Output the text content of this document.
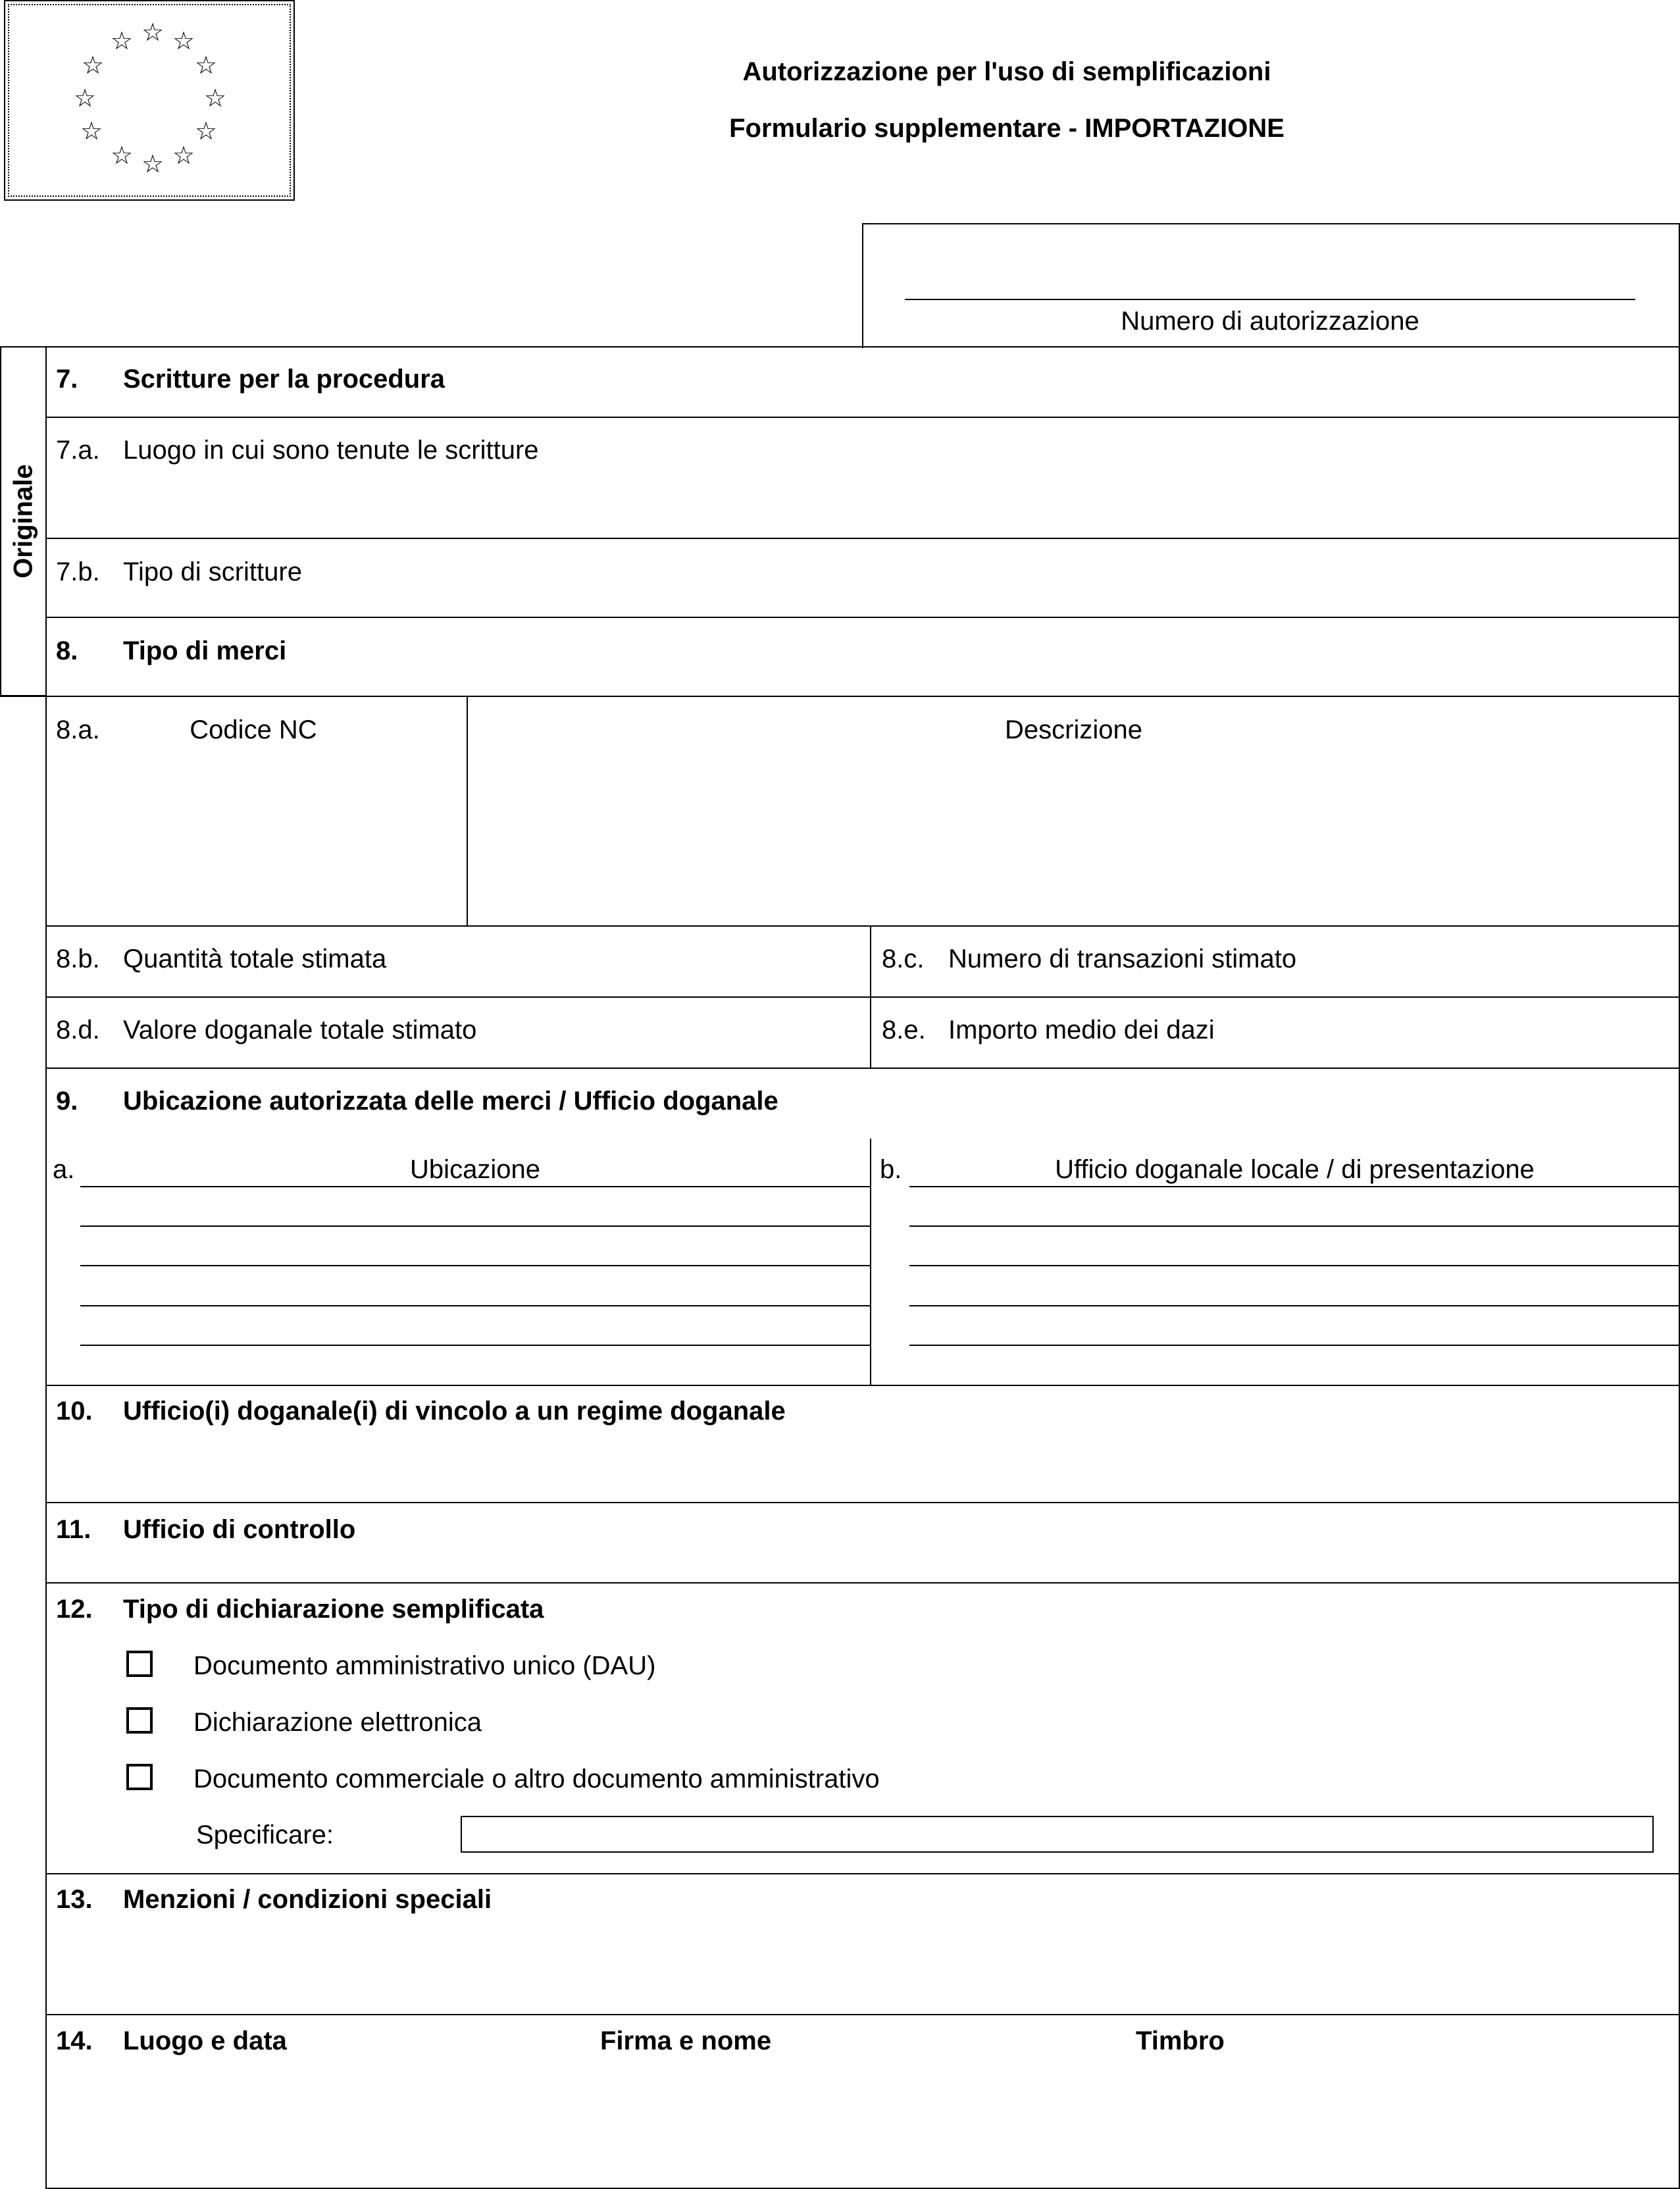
☆ ☆
☆
☆
☆
☆
☆
☆
☆
☆
☆
☆
Autorizzazione per l'uso di semplificazioni
Formulario supplementare - IMPORTAZIONE
Numero di autorizzazione
Originale
7. Scritture per la procedura
7.a. Luogo in cui sono tenute le scritture
7.b. Tipo di scritture
8. Tipo di merci
8.a.	Codice NC	Descrizione
8.b. Quantità totale stimata	8.c. Numero di transazioni stimato
8.d. Valore doganale totale stimato	8.e. Importo medio dei dazi
9. Ubicazione autorizzata delle merci / Ufficio doganale
a.	Ubicazione	b.	Ufficio doganale locale / di presentazione
10. Ufficio(i) doganale(i) di vincolo a un regime doganale
11. Ufficio di controllo
12. Tipo di dichiarazione semplificata
Documento amministrativo unico (DAU)
Dichiarazione elettronica
Documento commerciale o altro documento amministrativo
Specificare:
13. Menzioni / condizioni speciali
14. Luogo e data	Firma e nome	Timbro
